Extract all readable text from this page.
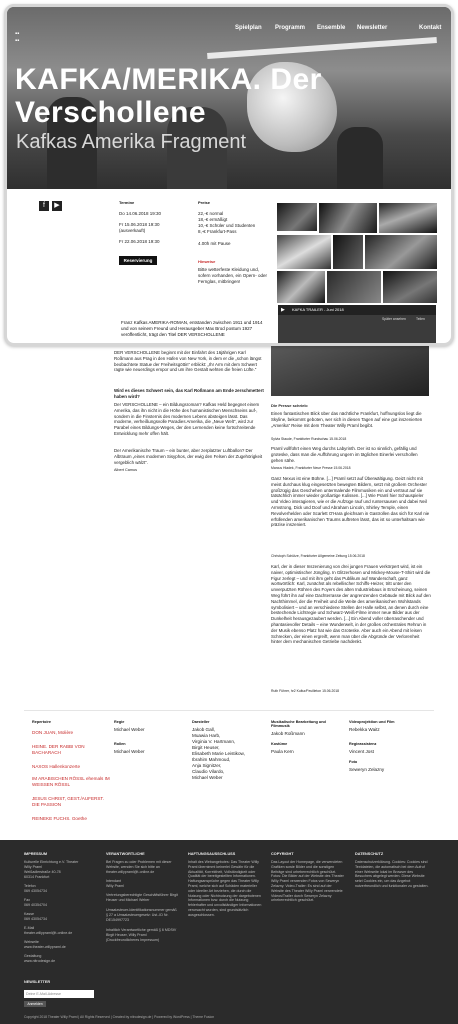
DER VERSCHOLLENE beginnt mit der Einfahrt des 16jährigen Karl Roßmann aus Prag in den Hafen von New York, in dem er die „schon längst beobachtete Statue der Freiheitsgöttin“ erblickt: „Ihr Arm mit dem Schwert ragte wie neuerdings empor und um ihre Gestalt wehten die freien Lüfte.“
Wird es dieses Schwert sein, das Karl Roßmann am Ende zerschmettert haben wird?
Der VERSCHOLLENE – ein Bildungsroman? Kafkas Held begegnet einem Amerika, das ihn nicht in die Höhe des humanistischen Menschseins auf-, sondern in die Finsternis des modernen Lebens absteigen lässt. Das moderne, verheißungsvolle Paradies Amerika, die „Neue Welt“, wird zur Parabel eines Bildungs-Weges, der den Lernenden keine fortschreitende Entwicklung mehr offen hält.
Der Amerikanische Traum – ein bunter, aber zerplatzter Luftballon? Der Albtraum „eines modernen Sisyphos, der ewig den Felsen der Zugehörigkeit vergeblich wälzt“.
Albert Camus
Die Presse schrieb:
Einen fantastischen Blick über das nächtliche Frankfurt, hoffnungslos liegt die Skyline, bekommt geboten, wer sich in diesen Tagen auf eine gut inszenierten „Amerika“ Reise mit dem Theater Willy Praml begibt.
Sylvia Staude, Frankfurter Rundschau 15.06.2018
Praml vollführt einen Weg durchs Labyrinth. Der ist so sinnlich, gefällig und groteske, dass man die Aufführung ungern im täglichen Einerlei verschollen gehen sähe.
Marcus Hladek, Frankfurter Neue Presse 15.06.2018
Ganz Nexus ist eine Bühne. [...] Praml setzt auf Überwältigung. Geizt nicht mit meist durchaus klug eingesetzten bewegten Bildern, setzt mit großem Orchester großzügig das Geschehen untermalende Filmmusiken ein und vertraut auf sie tatsächlich immer wieder großartige Kulissen. [...] Wie Praml hier Schauspieler und Video interagieren, wie er die Aufzüge rauf und runtersausen und dabei Neil Armstrong, Dick und Doof und Abraham Lincoln, Shirley Temple, einen Revolverhelden oder Scarlett O'Hara gleichsam in Gastrollen das sich für Karl nie erfüllenden amerikanischen Traums auftreten lässt, das ist so unterhaltsam wie präzise inszeniert.
Christoph Schütze, Frankfurter Allgemeine Zeitung 15.06.2018
Karl, der in dieser Inszenierung von drei jungen Frauen verkörpert wird, ist ein naiver, optimistischer Jüngling. In Glitzerhosen und Mickey-Mouse-T-Shirt wird die Figur zerlegt – und mit ihm geht das Publikum auf Wanderschaft, ganz wortwörtlich: Karl, zunächst als rebellischer Schiffs-Heizer, tritt unter den unverputzten Röhren des Foyers des alten Industriebaus in Erscheinung, seinen Weg führt ihn auf eine Dachterrasse der angrenzenden Gebäude mit Blick auf den Nachthimmel, der die Freiheit und die Weite des amerikanischen Wohlstands symbolisiert – und an verschiedene Stellen der Halle selbst, an denen durch eine bestechende Lichtregie und Schwarz-Weiß-Filme immer neue Bilder aus der Dunkelheit herausgezaubert werden. [...] Ein Abend voller überraschender und phantasievoller Details – eine Wunderwelt, in der großes orchestrales Rehrun in der Musik ebenso Platz hat wie das Groteske. Aber auch ein Abend mit leisen Schrecken, der einen ergreift, wenn man über die Abgründe der Verlorenheit hinter dem mechanischen Getriebe nachdenkt.
Ruth Führer, hr2 Kultur/Feuilleton 15.06.2018
Repertoire
DON JUAN, Molière
HEINE. DER RABBI VON BACHARACH
NAXOS Hallenkonzerte
IM ARABISCHEN RÖSSL ehemals IM WEISSEN RÖSSL
JESUS CHRIST, GEST./AUFERST. DIE PASSION
REINEKE FUCHS. Goethe
Regie
Michael Weber
Rollen
Michael Weber
Darsteller
Jakob Gall,
Muawia Harb,
Virginia V. Hartmann,
Birgit Heuser,
Elisabeth Marie Leistikow,
Ibrahim Mahmoud,
Anja Signitzer,
Claudio Vilardo,
Michael Weber
Musikalische Bearbeitung und Filmmusik
Jakob Roßmann
Kostüme
Paula Kern
Videoprojektion und Film
Rebekka Waitz
Regieassistenz
Vincent Jost
Foto
Seweryn Zelazny
IMPRESSUM
Kulturelle Einrichtung e.V. Theater Willy Praml
Weißadlerstraße 40-78
60314 Frankfurt
Telefon
069 43054734
Fax
069 40354704
Kasse
069 43054734
E-Mail
theater.willypraml@t-online.de
Webseite
www.theater-willypraml.de
Gestaltung
www.nitrodesign.de
VERANTWORTLICHE
Bei Fragen zu oder Problemen mit dieser Website, wenden Sie sich bitte an theater.willypraml@t-online.de
Intendant
Willy Praml
Vertretungsberechtigte Geschäftsführer Birgit Heuser und Michael Weber
Umsatzsteuer-Identifikationsnummer gemäß § 27 a Umsatzsteuergesetz: Ust.-ID Nr. DE154997723
Inhaltlich Verantwortliche gemäß § 6 MDStV Birgit Heuser, Willy Praml (Druckfreundlicheres Impressum)
HAFTUNGSAUSSCHLUSS
Inhalt des Webangebotes: Das Theater Willy Praml übernimmt keinerlei Gewähr für die Aktualität, Korrektheit, Vollständigkeit oder Qualität der bereitgestellten Informationen. Haftungsansprüche gegen das Theater Willy Praml, welche sich auf Schäden materieller oder ideeller Art beziehen, die durch die Nutzung oder Nichtnutzung der dargebotenen Informationen bzw. durch die Nutzung fehlerhafter und unvollständiger Informationen verursacht wurden, sind grundsätzlich ausgeschlossen.
COPYRIGHT
Das Layout der Homepage, die verwendeten Grafiken sowie Bilder und die sonstigen Beiträge sind urheberrechtlich geschützt. Fotos: Die Bilder auf der Website des Theater Willy Praml verwenden Fotos von Seweryn Zelazny. Video-Trailer: Es sind auf der Website des Theater Willy Praml verwendete Videos/Trailer durch Seweryn Zelazny urheberrechtlich geschützt.
DATENSCHUTZ
Datenschutzerklärung. Cookies: Cookies sind Textdateien, die automatisch bei dem Aufruf einer Webseite lokal im Browser des Besuchers abgelegt werden. Diese Website setzt Cookies ein, um das Angebot nutzerfreundlich und funktionaler zu gestalten.
NEWSLETTER
Deine E-Mail-Adresse
Anmelden
Copyright 2018 Theater Willy Praml | All Rights Reserved | Created by nitrodesign.de | Powered by WordPress | Theme Fusion
▪▪
▪▪
Spielplan Programm Ensemble Newsletter	Kontakt
KAFKA/MERIKA. Der Verschollene
Kafkas Amerika Fragment
f	▶	Termine
Do 14.06.2018 19:30
Fr 15.06.2018 19:30
(ausverkauft)
Fr 22.06.2018 19:30
Reservierung
Preise
22,-€ normal
18,-€ ermäßigt
10,-€ Schüler und Studenten
8,-€ Frankfurt-Pass
4.00h mit Pause
Hinweise
Bitte wetterfeste Kleidung und, sofern vorhanden, ein Opern- oder Fernglas, mitbringen!
KAFKA TRAILER - Juni 2018
▶
Später ansehen	Teilen
Franz Kafkas AMERIKA-ROMAN, entstanden zwischen 1911 und 1914 und von seinem Freund und Herausgeber Max Brod postum 1927 veröffentlicht, trägt den Titel DER VERSCHOLLENE
